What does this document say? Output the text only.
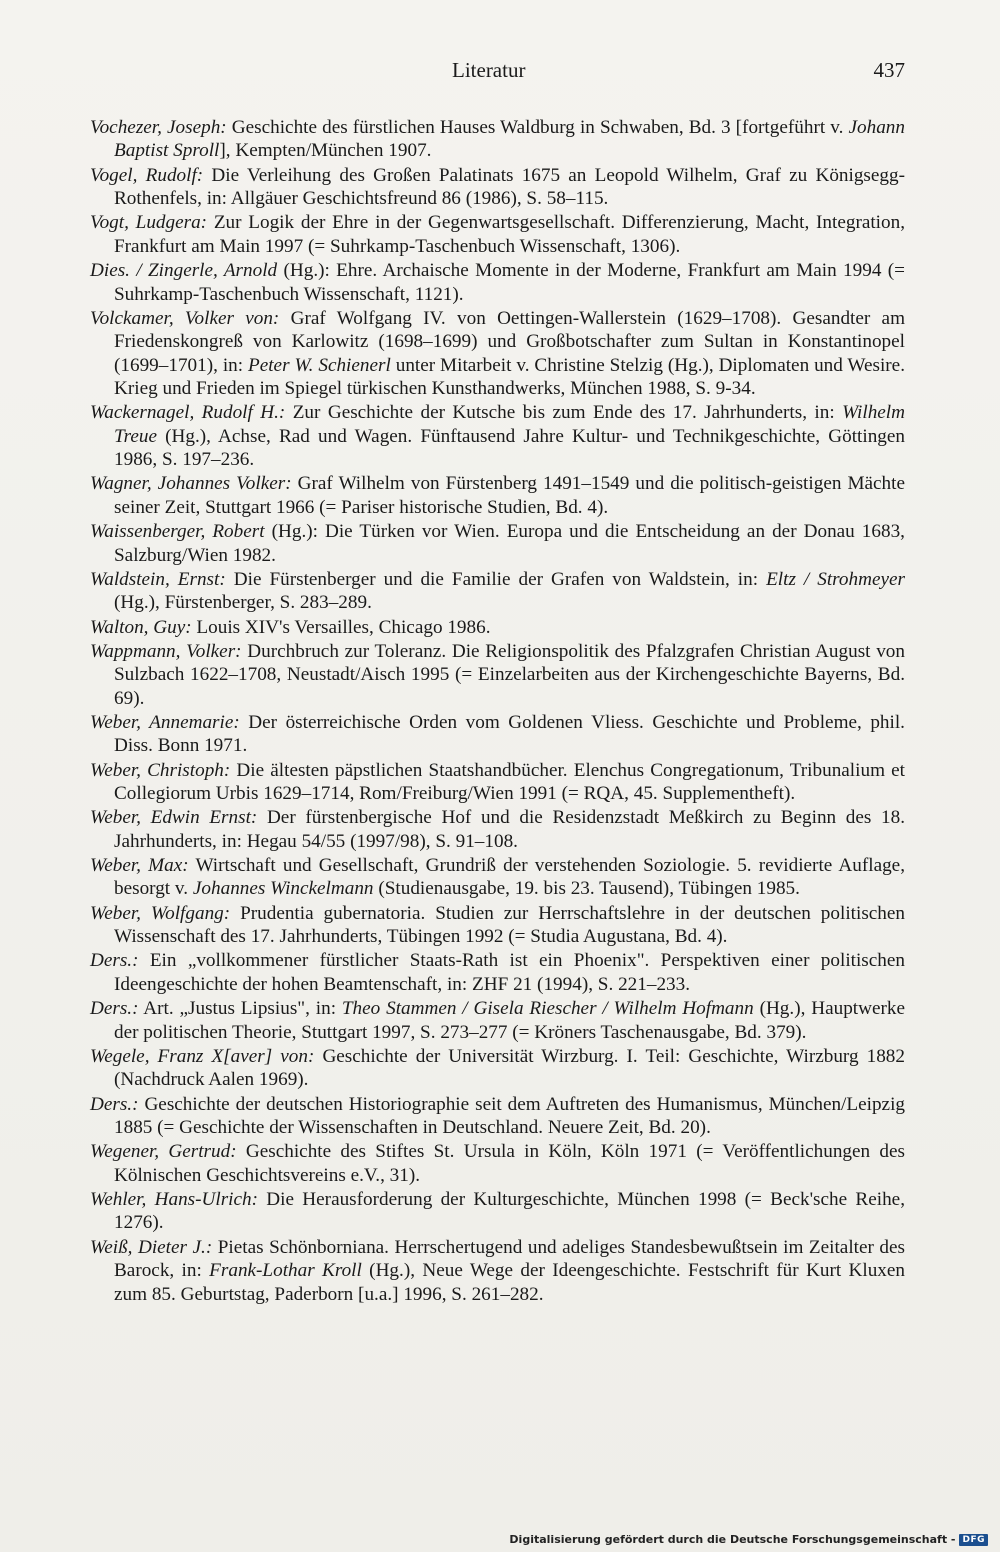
Literatur	437

Vochezer, Joseph: Geschichte des fürstlichen Hauses Waldburg in Schwaben, Bd. 3 [fortgeführt v. Johann Baptist Sproll], Kempten/München 1907.

Vogel, Rudolf: Die Verleihung des Großen Palatinats 1675 an Leopold Wilhelm, Graf zu Königsegg-Rothenfels, in: Allgäuer Geschichtsfreund 86 (1986), S. 58–115.

Vogt, Ludgera: Zur Logik der Ehre in der Gegenwartsgesellschaft. Differenzierung, Macht, Integration, Frankfurt am Main 1997 (= Suhrkamp-Taschenbuch Wissenschaft, 1306).

Dies. / Zingerle, Arnold (Hg.): Ehre. Archaische Momente in der Moderne, Frankfurt am Main 1994 (= Suhrkamp-Taschenbuch Wissenschaft, 1121).

Volckamer, Volker von: Graf Wolfgang IV. von Oettingen-Wallerstein (1629–1708). Gesandter am Friedenskongreß von Karlowitz (1698–1699) und Großbotschafter zum Sultan in Konstantinopel (1699–1701), in: Peter W. Schienerl unter Mitarbeit v. Christine Stelzig (Hg.), Diplomaten und Wesire. Krieg und Frieden im Spiegel türkischen Kunsthandwerks, München 1988, S. 9-34.

Wackernagel, Rudolf H.: Zur Geschichte der Kutsche bis zum Ende des 17. Jahrhunderts, in: Wilhelm Treue (Hg.), Achse, Rad und Wagen. Fünftausend Jahre Kultur- und Technikgeschichte, Göttingen 1986, S. 197–236.

Wagner, Johannes Volker: Graf Wilhelm von Fürstenberg 1491–1549 und die politisch-geistigen Mächte seiner Zeit, Stuttgart 1966 (= Pariser historische Studien, Bd. 4).

Waissenberger, Robert (Hg.): Die Türken vor Wien. Europa und die Entscheidung an der Donau 1683, Salzburg/Wien 1982.

Waldstein, Ernst: Die Fürstenberger und die Familie der Grafen von Waldstein, in: Eltz / Strohmeyer (Hg.), Fürstenberger, S. 283–289.

Walton, Guy: Louis XIV's Versailles, Chicago 1986.

Wappmann, Volker: Durchbruch zur Toleranz. Die Religionspolitik des Pfalzgrafen Christian August von Sulzbach 1622–1708, Neustadt/Aisch 1995 (= Einzelarbeiten aus der Kirchengeschichte Bayerns, Bd. 69).

Weber, Annemarie: Der österreichische Orden vom Goldenen Vliess. Geschichte und Probleme, phil. Diss. Bonn 1971.

Weber, Christoph: Die ältesten päpstlichen Staatshandbücher. Elenchus Congregationum, Tribunalium et Collegiorum Urbis 1629–1714, Rom/Freiburg/Wien 1991 (= RQA, 45. Supplementheft).

Weber, Edwin Ernst: Der fürstenbergische Hof und die Residenzstadt Meßkirch zu Beginn des 18. Jahrhunderts, in: Hegau 54/55 (1997/98), S. 91–108.

Weber, Max: Wirtschaft und Gesellschaft, Grundriß der verstehenden Soziologie. 5. revidierte Auflage, besorgt v. Johannes Winckelmann (Studienausgabe, 19. bis 23. Tausend), Tübingen 1985.

Weber, Wolfgang: Prudentia gubernatoria. Studien zur Herrschaftslehre in der deutschen politischen Wissenschaft des 17. Jahrhunderts, Tübingen 1992 (= Studia Augustana, Bd. 4).

Ders.: Ein „vollkommener fürstlicher Staats-Rath ist ein Phoenix". Perspektiven einer politischen Ideengeschichte der hohen Beamtenschaft, in: ZHF 21 (1994), S. 221–233.

Ders.: Art. „Justus Lipsius", in: Theo Stammen / Gisela Riescher / Wilhelm Hofmann (Hg.), Hauptwerke der politischen Theorie, Stuttgart 1997, S. 273–277 (= Kröners Taschenausgabe, Bd. 379).

Wegele, Franz X[aver] von: Geschichte der Universität Wirzburg. I. Teil: Geschichte, Wirzburg 1882 (Nachdruck Aalen 1969).

Ders.: Geschichte der deutschen Historiographie seit dem Auftreten des Humanismus, München/Leipzig 1885 (= Geschichte der Wissenschaften in Deutschland. Neuere Zeit, Bd. 20).

Wegener, Gertrud: Geschichte des Stiftes St. Ursula in Köln, Köln 1971 (= Veröffentlichungen des Kölnischen Geschichtsvereins e.V., 31).

Wehler, Hans-Ulrich: Die Herausforderung der Kulturgeschichte, München 1998 (= Beck'sche Reihe, 1276).

Weiß, Dieter J.: Pietas Schönborniana. Herrschertugend und adeliges Standesbewußtsein im Zeitalter des Barock, in: Frank-Lothar Kroll (Hg.), Neue Wege der Ideengeschichte. Festschrift für Kurt Kluxen zum 85. Geburtstag, Paderborn [u.a.] 1996, S. 261–282.

Digitalisierung gefördert durch die Deutsche Forschungsgemeinschaft - DFG
